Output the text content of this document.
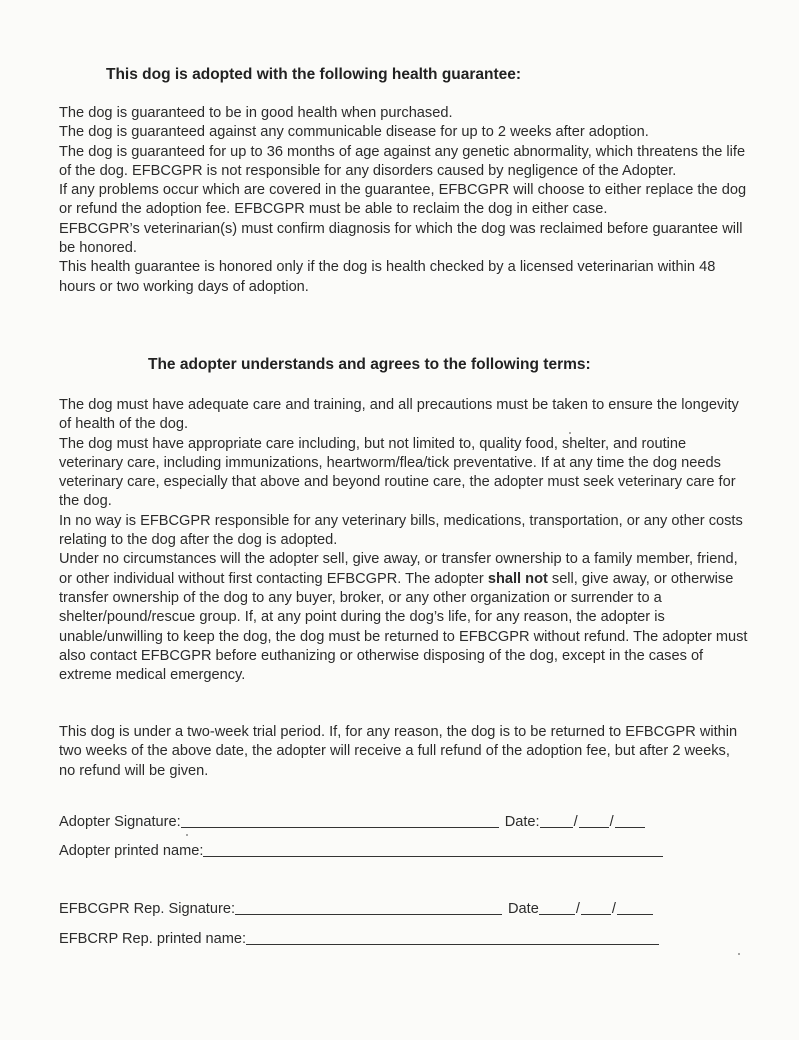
This dog is adopted with the following health guarantee:

The dog is guaranteed to be in good health when purchased.

The dog is guaranteed against any communicable disease for up to 2 weeks after adoption.

The dog is guaranteed for up to 36 months of age against any genetic abnormality, which threatens the life of the dog. EFBCGPR is not responsible for any disorders caused by negligence of the Adopter.

If any problems occur which are covered in the guarantee, EFBCGPR will choose to either replace the dog or refund the adoption fee. EFBCGPR must be able to reclaim the dog in either case.

EFBCGPR’s veterinarian(s) must confirm diagnosis for which the dog was reclaimed before guarantee will be honored.

This health guarantee is honored only if the dog is health checked by a licensed veterinarian within 48 hours or two working days of adoption.

The adopter understands and agrees to the following terms:

The dog must have adequate care and training, and all precautions must be taken to ensure the longevity of health of the dog.

The dog must have appropriate care including, but not limited to, quality food, shelter, and routine veterinary care, including immunizations, heartworm/flea/tick preventative. If at any time the dog needs veterinary care, especially that above and beyond routine care, the adopter must seek veterinary care for the dog.

In no way is EFBCGPR responsible for any veterinary bills, medications, transportation, or any other costs relating to the dog after the dog is adopted.

Under no circumstances will the adopter sell, give away, or transfer ownership to a family member, friend, or other individual without first contacting EFBCGPR. The adopter shall not sell, give away, or otherwise transfer ownership of the dog to any buyer, broker, or any other organization or surrender to a shelter/pound/rescue group. If, at any point during the dog’s life, for any reason, the adopter is unable/unwilling to keep the dog, the dog must be returned to EFBCGPR without refund. The adopter must also contact EFBCGPR before euthanizing or otherwise disposing of the dog, except in the cases of extreme medical emergency.

This dog is under a two-week trial period. If, for any reason, the dog is to be returned to EFBCGPR within two weeks of the above date, the adopter will receive a full refund of the adoption fee, but after 2 weeks, no refund will be given.
Adopter Signature:	Date: / /
Adopter printed name:
EFBCGPR Rep. Signature:	Date	/ /
EFBCRP Rep. printed name:
